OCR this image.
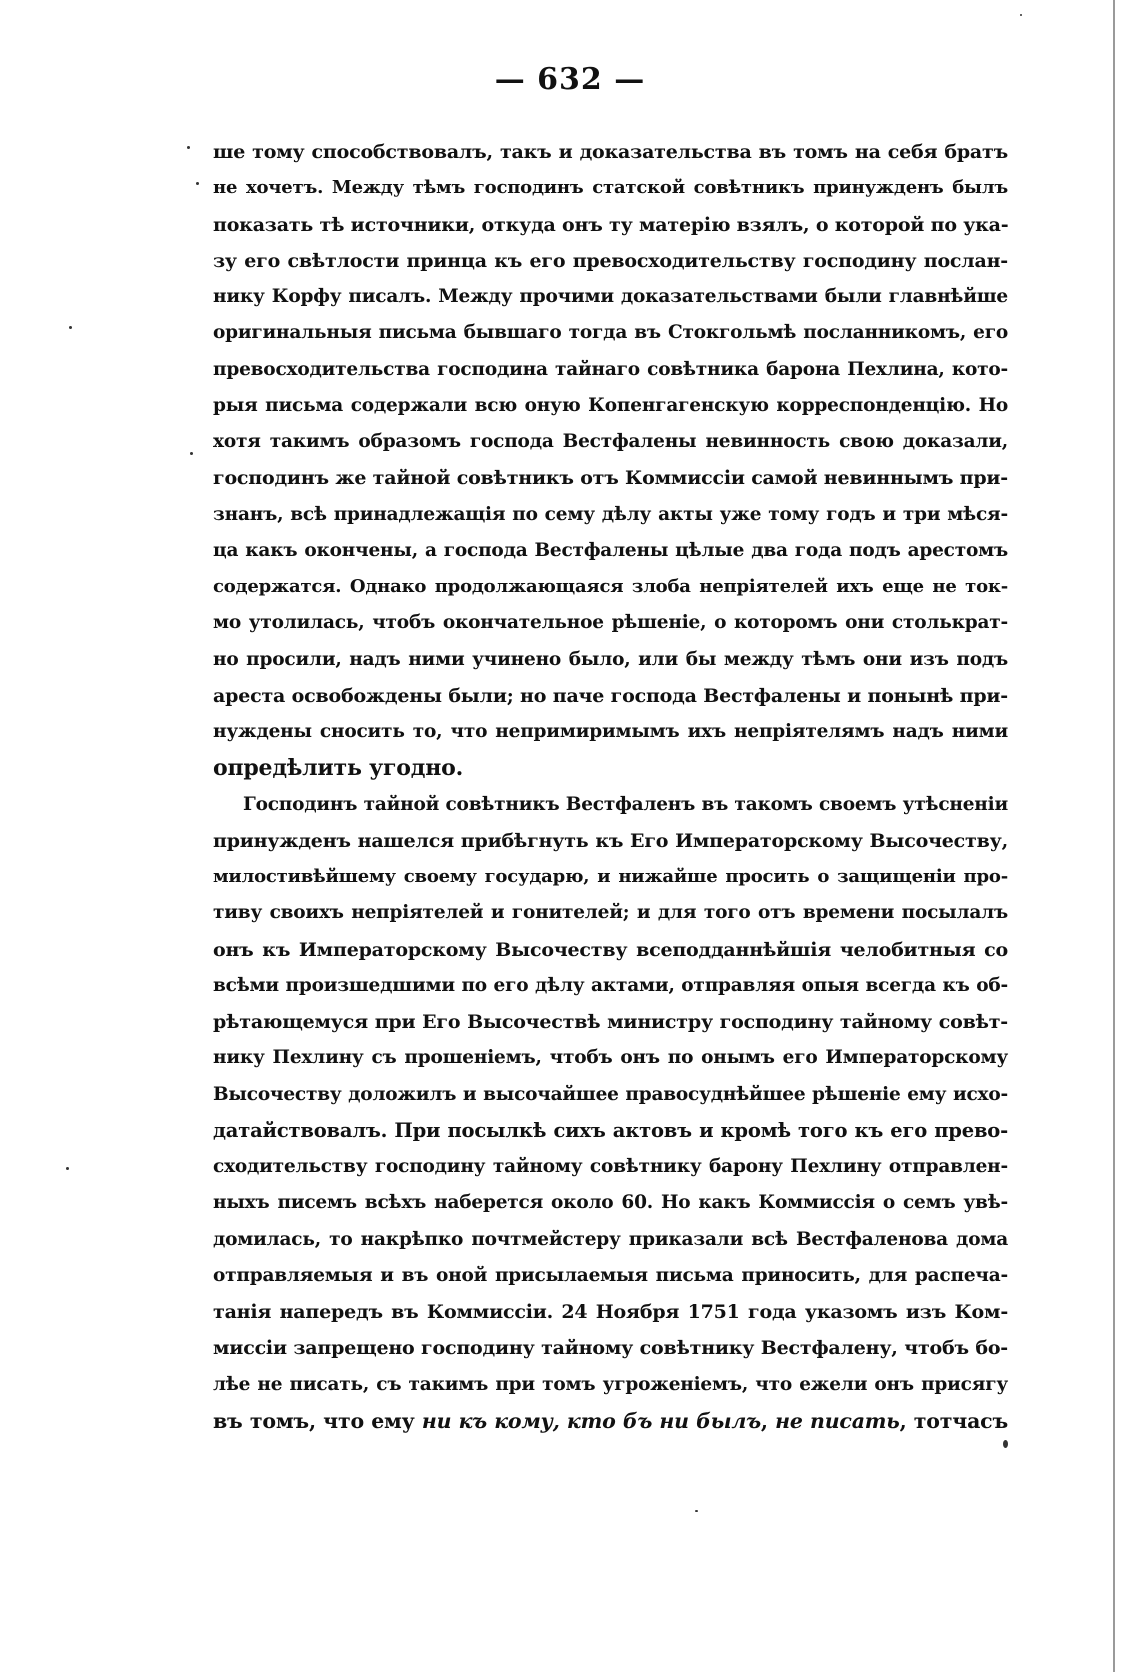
— 632 —
ше тому способствовалъ, такъ и доказательства въ томъ на себя братъ
не хочетъ. Между тѣмъ господинъ статской совѣтникъ принужденъ былъ
показать тѣ источники, откуда онъ ту матерію взялъ, о которой по ука-
зу его свѣтлости принца къ его превосходительству господину послан-
нику Корфу писалъ. Между прочими доказательствами были главнѣйше
оригинальныя письма бывшаго тогда въ Стокгольмѣ посланникомъ, его
превосходительства господина тайнаго совѣтника барона Пехлина, кото-
рыя письма содержали всю оную Копенгагенскую корреспонденцію. Но
хотя такимъ образомъ господа Вестфалены невинность свою доказали,
господинъ же тайной совѣтникъ отъ Коммиссіи самой невиннымъ при-
знанъ, всѣ принадлежащія по сему дѣлу акты уже тому годъ и три мѣся-
ца какъ окончены, а господа Вестфалены цѣлые два года подъ арестомъ
содержатся. Однако продолжающаяся злоба непріятелей ихъ еще не ток-
мо утолилась, чтобъ окончательное рѣшеніе, о которомъ они столькрат-
но просили, надъ ними учинено было, или бы между тѣмъ они изъ подъ
ареста освобождены были; но паче господа Вестфалены и понынѣ при-
нуждены сносить то, что непримиримымъ ихъ непріятелямъ надъ ними
опредѣлить угодно.
Господинъ тайной совѣтникъ Вестфаленъ въ такомъ своемъ утѣсненіи
принужденъ нашелся прибѣгнуть къ Его Императорскому Высочеству,
милостивѣйшему своему государю, и нижайше просить о защищеніи про-
тиву своихъ непріятелей и гонителей; и для того отъ времени посылалъ
онъ къ Императорскому Высочеству всеподданнѣйшія челобитныя со
всѣми произшедшими по его дѣлу актами, отправляя опыя всегда къ об-
рѣтающемуся при Его Высочествѣ министру господину тайному совѣт-
нику Пехлину съ прошеніемъ, чтобъ онъ по онымъ его Императорскому
Высочеству доложилъ и высочайшее правосуднѣйшее рѣшеніе ему исхо-
датайствовалъ. При посылкѣ сихъ актовъ и кромѣ того къ его прево-
сходительству господину тайному совѣтнику барону Пехлину отправлен-
ныхъ писемъ всѣхъ наберется около 60. Но какъ Коммиссія о семъ увѣ-
домилась, то накрѣпко почтмейстеру приказали всѣ Вестфаленова дома
отправляемыя и въ оной присылаемыя письма приносить, для распеча-
танія напередъ въ Коммиссіи. 24 Ноября 1751 года указомъ изъ Ком-
миссіи запрещено господину тайному совѣтнику Вестфалену, чтобъ бо-
лѣе не писать, съ такимъ при томъ угроженіемъ, что ежели онъ присягу
въ томъ, что ему ни къ кому, кто бъ ни былъ, не писать, тотчасъ
